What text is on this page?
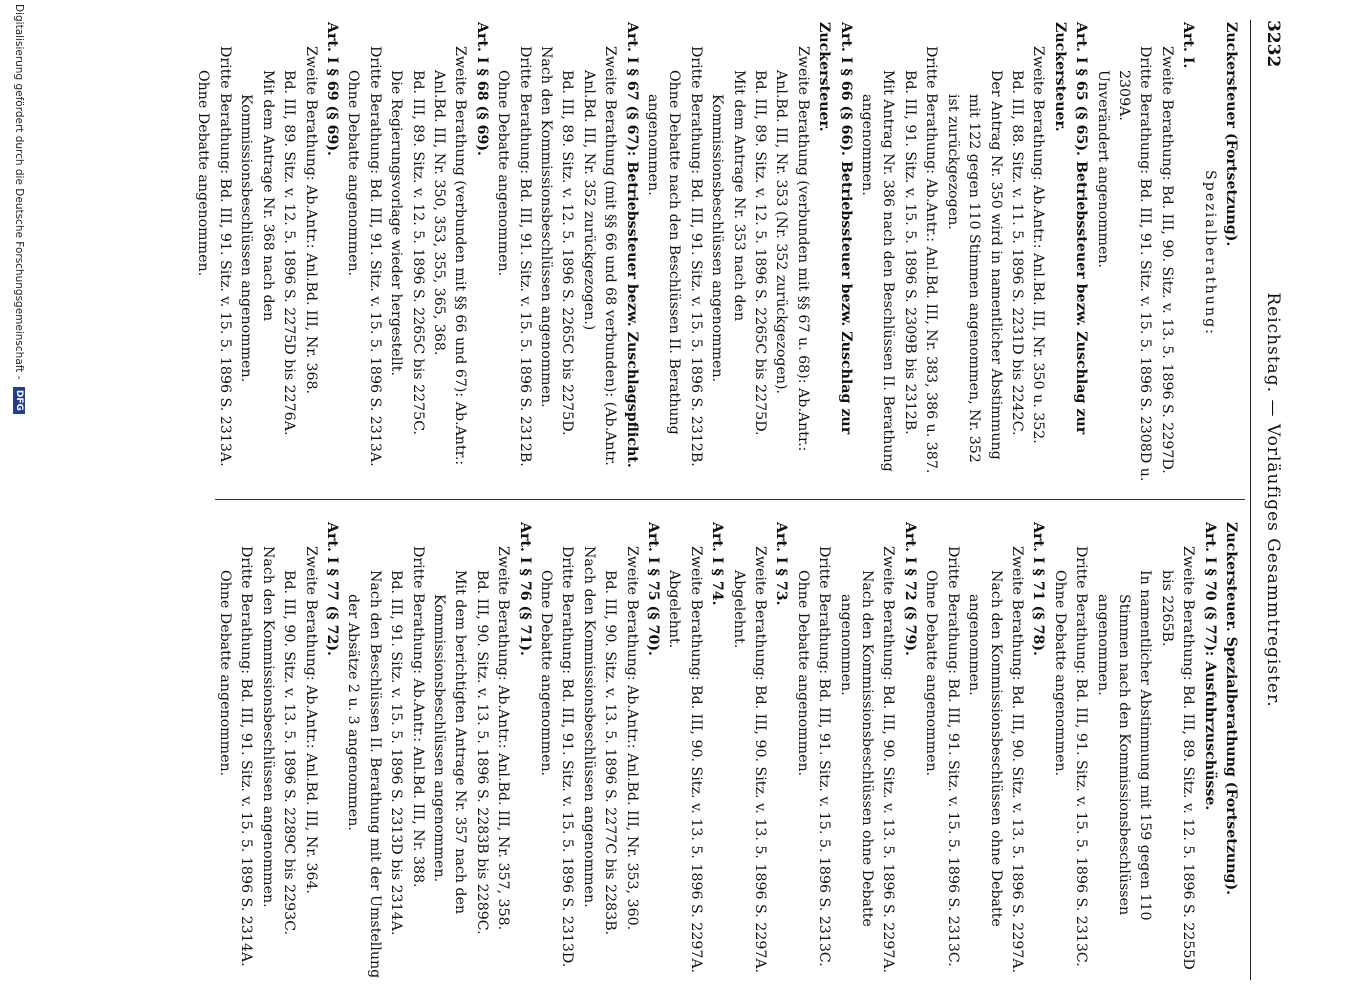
3232
Reichstag. — Vorläufiges Gesammtregister.

Zuckersteuer (Fortsetzung).

Spezialberathung:

Art. I.

Zweite Berathung: Bd. III, 90. Sitz. v. 13. 5. 1896 S. 2297D.

Dritte Berathung: Bd. III, 91. Sitz. v. 15. 5. 1896 S. 2308D u. 2309A.

Unverändert angenommen.

Art. I § 65 (§ 65). Betriebssteuer bezw. Zuschlag zur Zuckersteuer.

Zweite Berathung: Ab.Antr.: Anl.Bd. III, Nr. 350 u. 352.

Bd. III, 88. Sitz. v. 11. 5. 1896 S. 2231D bis 2242C.

Der Antrag Nr. 350 wird in namentlicher Abstimmung mit 122 gegen 110 Stimmen angenommen, Nr. 352 ist zurückgezogen.

Dritte Berathung: Ab.Antr.: Anl.Bd. III, Nr. 383, 386 u. 387.

Bd. III, 91. Sitz. v. 15. 5. 1896 S. 2309B bis 2312B.

Mit Antrag Nr. 386 nach den Beschlüssen II. Berathung angenommen.

Art. I § 66 (§ 66). Betriebssteuer bezw. Zuschlag zur Zuckersteuer.

Zweite Berathung (verbunden mit §§ 67 u. 68): Ab.Antr.: Anl.Bd. III, Nr. 353 (Nr. 352 zurückgezogen).

Bd. III, 89. Sitz. v. 12. 5. 1896 S. 2265C bis 2275D.

Mit dem Antrage Nr. 353 nach den Kommissionsbeschlüssen angenommen.

Dritte Berathung: Bd. III, 91. Sitz. v. 15. 5. 1896 S. 2312B.

Ohne Debatte nach den Beschlüssen II. Berathung angenommen.

Art. I § 67 (§ 67): Betriebssteuer bezw. Zuschlagspflicht.

Zweite Berathung (mit §§ 66 und 68 verbunden): (Ab.Antr. Anl.Bd. III, Nr. 352 zurückgezogen.)

Bd. III, 89. Sitz. v. 12. 5. 1896 S. 2265C bis 2275D.

Nach den Kommissionsbeschlüssen angenommen.

Dritte Berathung: Bd. III, 91. Sitz. v. 15. 5. 1896 S. 2312B.

Ohne Debatte angenommen.

Art. I § 68 (§ 69).

Zweite Berathung (verbunden mit §§ 66 und 67): Ab.Antr.: Anl.Bd. III, Nr. 350, 353, 355, 365, 368.

Bd. III, 89. Sitz. v. 12. 5. 1896 S. 2265C bis 2275C.

Die Regierungsvorlage wieder hergestellt.

Dritte Berathung: Bd. III, 91. Sitz. v. 15. 5. 1896 S. 2313A.

Ohne Debatte angenommen.

Art. I § 69 (§ 69).

Zweite Berathung: Ab.Antr.: Anl.Bd. III, Nr. 368.

Bd. III, 89. Sitz. v. 12. 5. 1896 S. 2275D bis 2276A.

Mit dem Antrage Nr. 368 nach den Kommissionsbeschlüssen angenommen.

Dritte Berathung: Bd. III, 91. Sitz. v. 15. 5. 1896 S. 2313A.

Ohne Debatte angenommen.

Zuckersteuer. Spezialberathung (Fortsetzung).

Art. I § 70 (§ 77): Ausfuhrzuschüsse.

Zweite Berathung: Bd. III, 89. Sitz. v. 12. 5. 1896 S. 2255D bis 2265B.

In namentlicher Abstimmung mit 159 gegen 110 Stimmen nach den Kommissionsbeschlüssen angenommen.

Dritte Berathung: Bd. III, 91. Sitz. v. 15. 5. 1896 S. 2313C.

Ohne Debatte angenommen.

Art. I § 71 (§ 78).

Zweite Berathung: Bd. III, 90. Sitz. v. 13. 5. 1896 S. 2297A.

Nach den Kommissionsbeschlüssen ohne Debatte angenommen.

Dritte Berathung: Bd. III, 91. Sitz. v. 15. 5. 1896 S. 2313C.

Ohne Debatte angenommen.

Art. I § 72 (§ 79).

Zweite Berathung: Bd. III, 90. Sitz. v. 13. 5. 1896 S. 2297A.

Nach den Kommissionsbeschlüssen ohne Debatte angenommen.

Dritte Berathung: Bd. III, 91. Sitz. v. 15. 5. 1896 S. 2313C.

Ohne Debatte angenommen.

Art. I § 73.

Zweite Berathung: Bd. III, 90. Sitz. v. 13. 5. 1896 S. 2297A.

Abgelehnt.

Art. I § 74.

Zweite Berathung: Bd. III, 90. Sitz. v. 13. 5. 1896 S. 2297A.

Abgelehnt.

Art. I § 75 (§ 70).

Zweite Berathung: Ab.Antr.: Anl.Bd. III, Nr. 353, 360.

Bd. III, 90. Sitz. v. 13. 5. 1896 S. 2277C bis 2283B.

Nach den Kommissionsbeschlüssen angenommen.

Dritte Berathung: Bd. III, 91. Sitz. v. 15. 5. 1896 S. 2313D.

Ohne Debatte angenommen.

Art. I § 76 (§ 71).

Zweite Berathung: Ab.Antr.: Anl.Bd. III, Nr. 357, 358.

Bd. III, 90. Sitz. v. 13. 5. 1896 S. 2283B bis 2289C.

Mit dem berichtigten Antrage Nr. 357 nach den Kommissionsbeschlüssen angenommen.

Dritte Berathung: Ab.Antr.: Anl.Bd. III, Nr. 388.

Bd. III, 91. Sitz. v. 15. 5. 1896 S. 2313D bis 2314A.

Nach den Beschlüssen II. Berathung mit der Umstellung der Absätze 2 u. 3 angenommen.

Art. I § 77 (§ 72).

Zweite Berathung: Ab.Antr.: Anl.Bd. III, Nr. 364.

Bd. III, 90. Sitz. v. 13. 5. 1896 S. 2289C bis 2293C.

Nach den Kommissionsbeschlüssen angenommen.

Dritte Berathung: Bd. III, 91. Sitz. v. 15. 5. 1896 S. 2314A.

Ohne Debatte angenommen.

Digitalisierung gefördert durch die Deutsche Forschungsgemeinschaft - DFG
